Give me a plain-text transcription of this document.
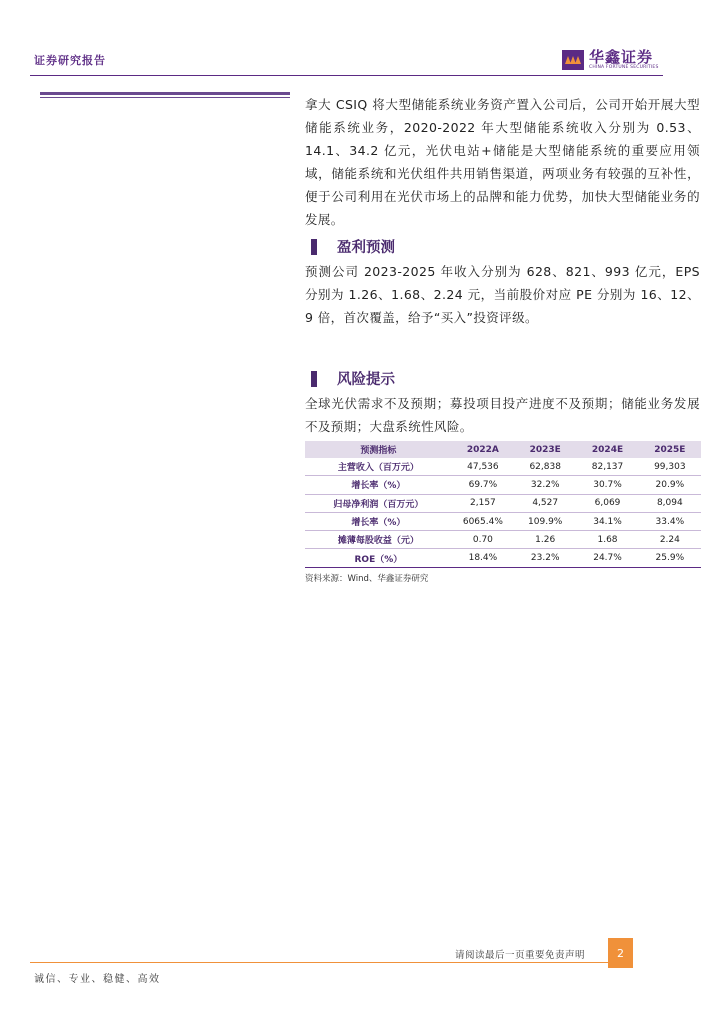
证券研究报告	华鑫证券
CHINA FORTUNE SECURITIES
拿大 CSIQ 将大型储能系统业务资产置入公司后，公司开始开展大型储能系统业务，2020-2022 年大型储能系统收入分别为 0.53、14.1、34.2 亿元，光伏电站+储能是大型储能系统的重要应用领域，储能系统和光伏组件共用销售渠道，两项业务有较强的互补性，便于公司利用在光伏市场上的品牌和能力优势，加快大型储能业务的发展。
盈利预测
预测公司 2023-2025 年收入分别为 628、821、993 亿元，EPS 分别为 1.26、1.68、2.24 元，当前股价对应 PE 分别为 16、12、9 倍，首次覆盖，给予“买入”投资评级。
风险提示
全球光伏需求不及预期；募投项目投产进度不及预期；储能业务发展不及预期；大盘系统性风险。
预测指标	2022A	2023E	2024E	2025E
主营收入（百万元）	47,536	62,838	82,137	99,303
增长率（%）	69.7%	32.2%	30.7%	20.9%
归母净利润（百万元）	2,157	4,527	6,069	8,094
增长率（%）	6065.4%	109.9%	34.1%	33.4%
摊薄每股收益（元）	0.70	1.26	1.68	2.24
ROE（%）	18.4%	23.2%	24.7%	25.9%
资料来源：Wind、华鑫证券研究
请阅读最后一页重要免责声明	2
诚信、专业、稳健、高效
